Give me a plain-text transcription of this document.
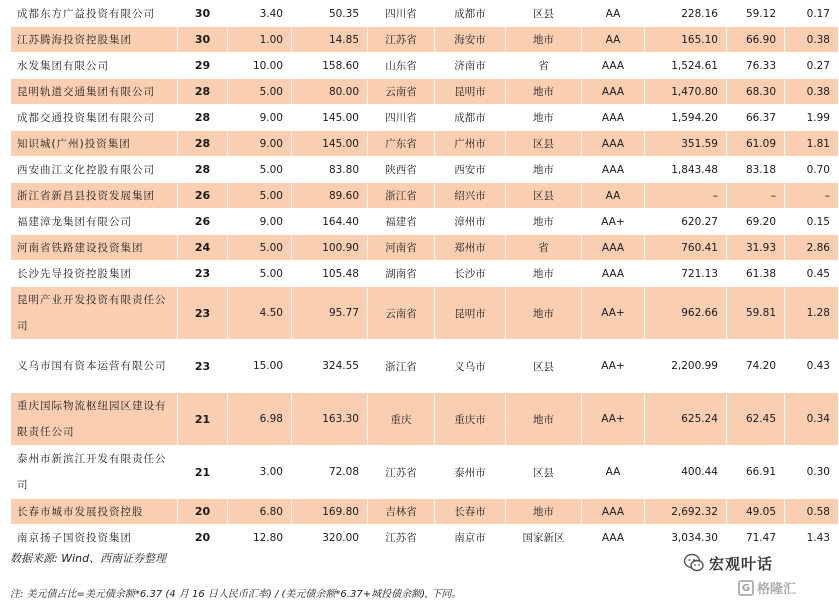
成都东方广益投资有限公司	30	3.40	50.35	四川省	成都市	区县	AA	228.16	59.12	0.17
江苏腾海投资控股集团	30	1.00	14.85	江苏省	海安市	地市	AA	165.10	66.90	0.38
水发集团有限公司	29	10.00	158.60	山东省	济南市	省	AAA	1,524.61	76.33	0.27
昆明轨道交通集团有限公司	28	5.00	80.00	云南省	昆明市	地市	AAA	1,470.80	68.30	0.38
成都交通投资集团有限公司	28	9.00	145.00	四川省	成都市	地市	AAA	1,594.20	66.37	1.99
知识城(广州)投资集团	28	9.00	145.00	广东省	广州市	区县	AAA	351.59	61.09	1.81
西安曲江文化控股有限公司	28	5.00	83.80	陕西省	西安市	地市	AAA	1,843.48	83.18	0.70
浙江省新昌县投资发展集团	26	5.00	89.60	浙江省	绍兴市	区县	AA	–	–	–
福建漳龙集团有限公司	26	9.00	164.40	福建省	漳州市	地市	AA+	620.27	69.20	0.15
河南省铁路建设投资集团	24	5.00	100.90	河南省	郑州市	省	AAA	760.41	31.93	2.86
长沙先导投资控股集团	23	5.00	105.48	湖南省	长沙市	地市	AAA	721.13	61.38	0.45
昆明产业开发投资有限责任公司	23	4.50	95.77	云南省	昆明市	地市	AA+	962.66	59.81	1.28
义乌市国有资本运营有限公司	23	15.00	324.55	浙江省	义乌市	区县	AA+	2,200.99	74.20	0.43
重庆国际物流枢纽园区建设有限责任公司	21	6.98	163.30	重庆	重庆市	地市	AA+	625.24	62.45	0.34
泰州市新滨江开发有限责任公司	21	3.00	72.08	江苏省	泰州市	区县	AA	400.44	66.91	0.30
长春市城市发展投资控股	20	6.80	169.80	吉林省	长春市	地市	AAA	2,692.32	49.05	0.58
南京扬子国资投资集团	20	12.80	320.00	江苏省	南京市	国家新区	AAA	3,034.30	71.47	1.43
数据来源: Wind、西南证券整理
注: 美元债占比=美元债余额*6.37 (4 月 16 日人民币汇率) / (美元债余额*6.37+城投债余额), 下同。
宏观叶话
G 格隆汇
